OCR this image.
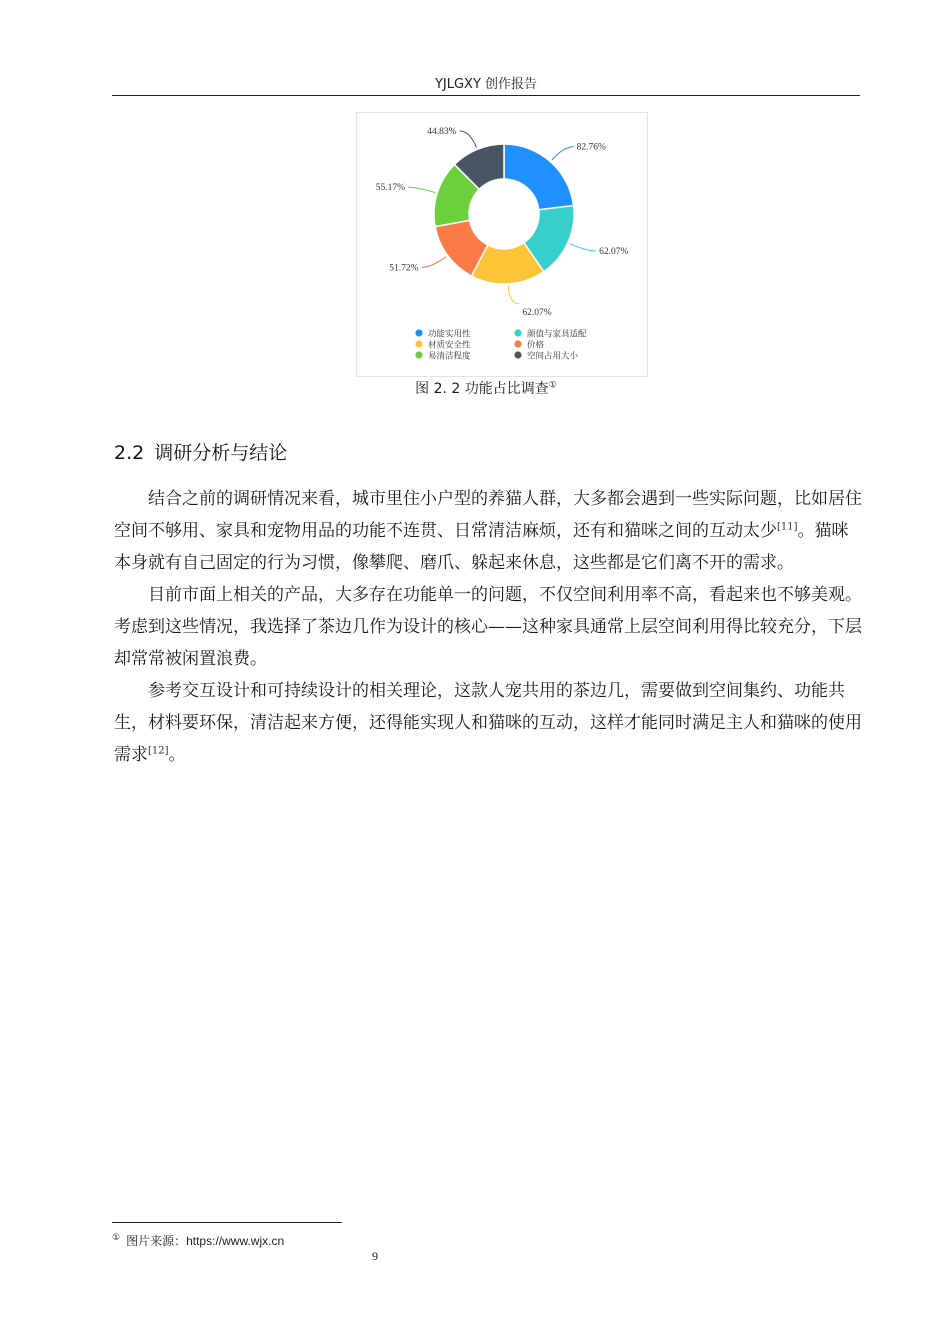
YJLGXY 创作报告
82.76%
62.07%
62.07%
51.72%
55.17%
44.83%
功能实用性	颜值与家具适配
材质安全性	价格
易清洁程度	空间占用大小
图 2. 2 功能占比调查①
2.2 调研分析与结论

结合之前的调研情况来看，城市里住小户型的养猫人群，大多都会遇到一些实际问题，比如居住空间不够用、家具和宠物用品的功能不连贯、日常清洁麻烦，还有和猫咪之间的互动太少[11]。猫咪本身就有自己固定的行为习惯，像攀爬、磨爪、躲起来休息，这些都是它们离不开的需求。

目前市面上相关的产品，大多存在功能单一的问题，不仅空间利用率不高，看起来也不够美观。考虑到这些情况，我选择了茶边几作为设计的核心——这种家具通常上层空间利用得比较充分，下层却常常被闲置浪费。

参考交互设计和可持续设计的相关理论，这款人宠共用的茶边几，需要做到空间集约、功能共生，材料要环保，清洁起来方便，还得能实现人和猫咪的互动，这样才能同时满足主人和猫咪的使用需求[12]。

① 图片来源：https://www.wjx.cn
9
